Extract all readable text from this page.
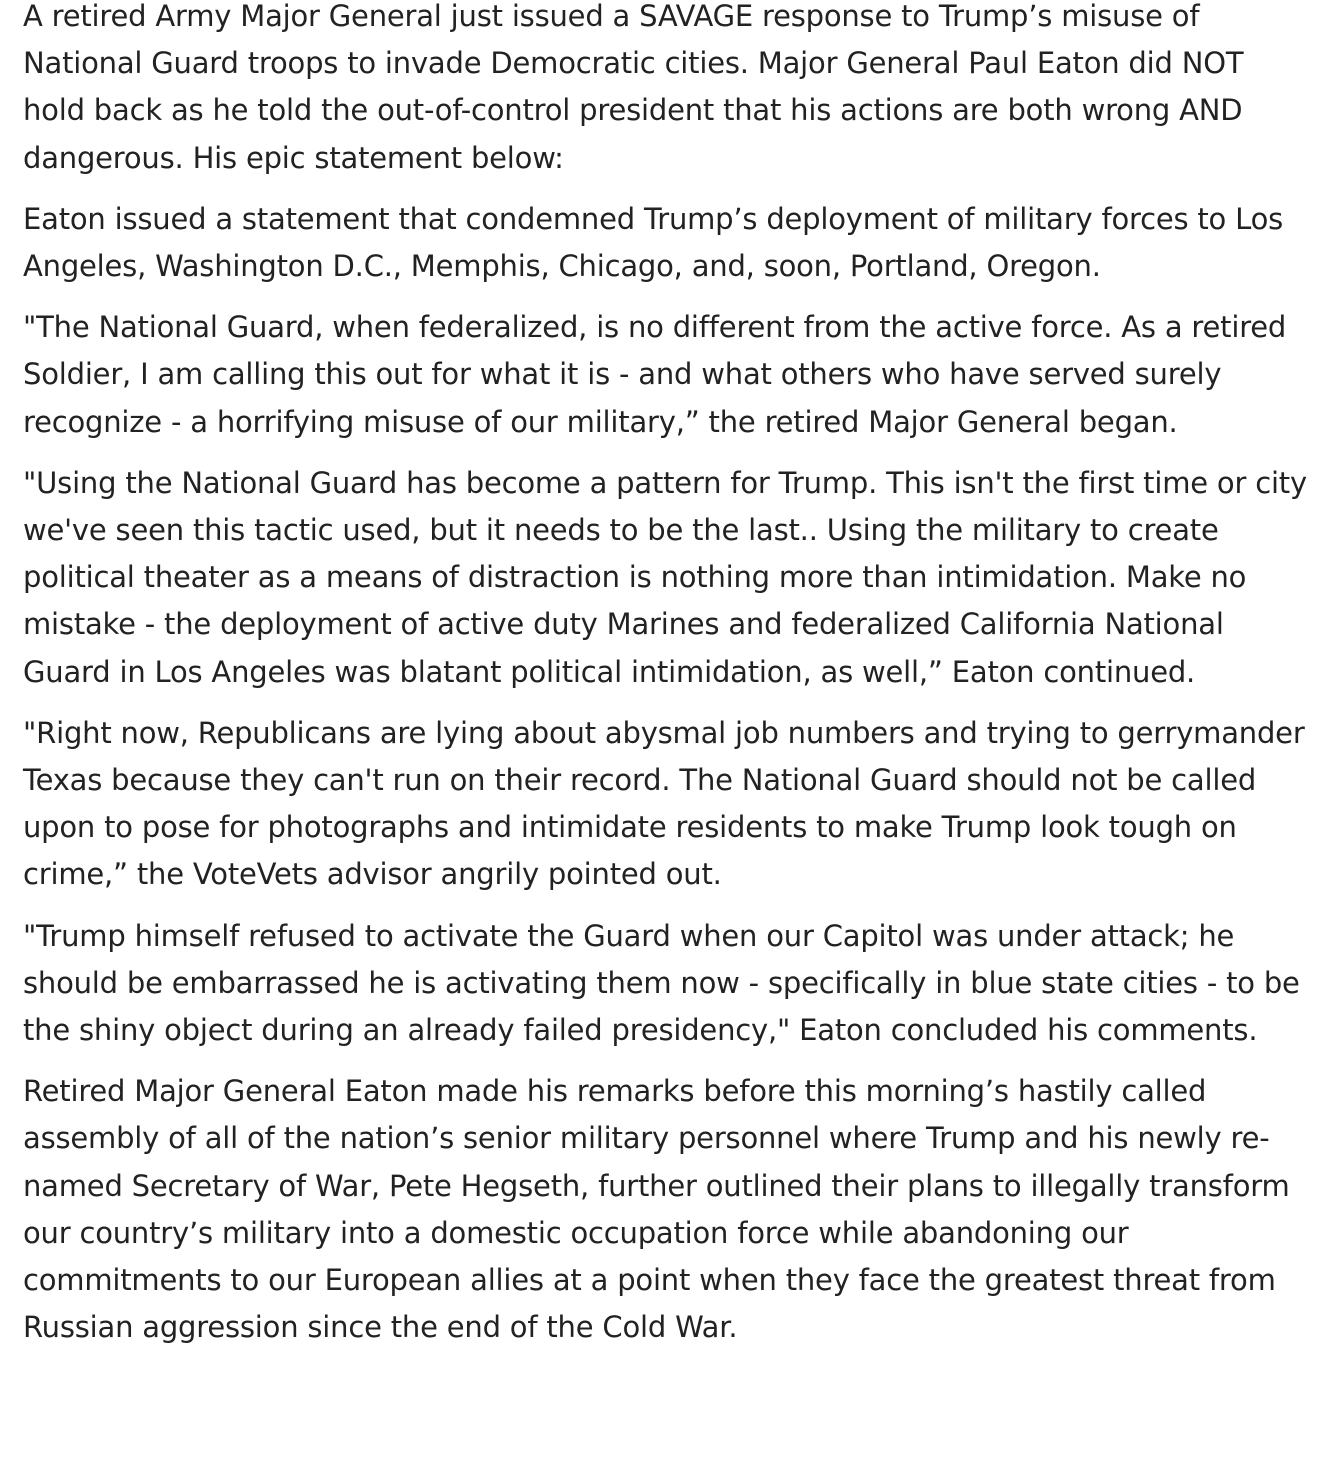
A retired Army Major General just issued a SAVAGE response to Trump’s misuse of National Guard troops to invade Democratic cities. Major General Paul Eaton did NOT hold back as he told the out-of-control president that his actions are both wrong AND dangerous. His epic statement below:

Eaton issued a statement that condemned Trump’s deployment of military forces to Los Angeles, Washington D.C., Memphis, Chicago, and, soon, Portland, Oregon.

"The National Guard, when federalized, is no different from the active force. As a retired Soldier, I am calling this out for what it is - and what others who have served surely recognize - a horrifying misuse of our military,” the retired Major General began.

"Using the National Guard has become a pattern for Trump. This isn't the first time or city we've seen this tactic used, but it needs to be the last.. Using the military to create political theater as a means of distraction is nothing more than intimidation. Make no mistake - the deployment of active duty Marines and federalized California National Guard in Los Angeles was blatant political intimidation, as well,” Eaton continued.

"Right now, Republicans are lying about abysmal job numbers and trying to gerrymander Texas because they can't run on their record. The National Guard should not be called upon to pose for photographs and intimidate residents to make Trump look tough on crime,” the VoteVets advisor angrily pointed out.

"Trump himself refused to activate the Guard when our Capitol was under attack; he should be embarrassed he is activating them now - specifically in blue state cities - to be the shiny object during an already failed presidency," Eaton concluded his comments.

Retired Major General Eaton made his remarks before this morning’s hastily called assembly of all of the nation’s senior military personnel where Trump and his newly re-named Secretary of War, Pete Hegseth, further outlined their plans to illegally transform our country’s military into a domestic occupation force while abandoning our commitments to our European allies at a point when they face the greatest threat from Russian aggression since the end of the Cold War.
